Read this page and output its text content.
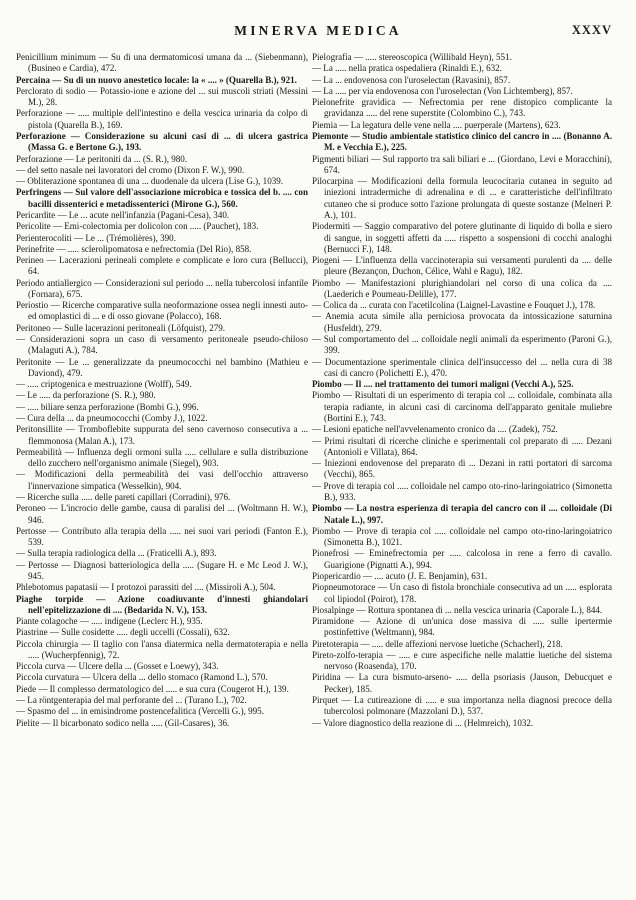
MINERVA MEDICA	XXXV
Penicillium minimum — Su di una dermatomicosi umana da ... (Siebenmann), (Busineo e Cardia), 472.
Percaina — Su di un nuovo anestetico locale: la « .... » (Quarella B.), 921.
Perclorato di sodio — Potassio-ione e azione del ... sui muscoli striati (Messini M.), 28.
Perforazione — ..... multiple dell'intestino e della vescica urinaria da colpo di pistola (Quarella B.), 169.
Perforazione — Considerazione su alcuni casi di ... di ulcera gastrica (Massa G. e Bertone G.), 193.
Perforazione — Le peritoniti da ... (S. R.), 980.
— del setto nasale nei lavoratori del cromo (Dixon F. W.), 990.
— Obliterazione spontanea di una ... duodenale da ulcera (Lise G.), 1039.
Perfringens — Sul valore dell'associazione microbica e tossica del b. .... con bacilli dissenterici e metadissenterici (Mirone G.), 560.
Pericardite — Le ... acute nell'infanzia (Pagani-Cesa), 340.
Pericolite — Emi-colectomia per dolicolon con ..... (Pauchet), 183.
Perienterocoliti — Le ... (Trémolières), 390.
Perinefrite — ..... sclerolipomatosa e nefrectomia (Del Rio), 858.
Perineo — Lacerazioni perineali complete e complicate e loro cura (Bellucci), 64.
Periodo antiallergico — Considerazioni sul periodo ... nella tubercolosi infantile (Fornara), 675.
Periostio — Ricerche comparative sulla neoformazione ossea negli innesti auto- ed omoplastici di ... e di osso giovane (Polacco), 168.
Peritoneo — Sulle lacerazioni peritoneali (Löfquist), 279.
— Considerazioni sopra un caso di versamento peritoneale pseudo-chiloso (Malaguti A.), 784.
Peritonite — Le ... generalizzate da pneumococchi nel bambino (Mathieu e Daviond), 479.
— ..... criptogenica e mestruazione (Wolff), 549.
— Le ..... da perforazione (S. R.), 980.
— ..... biliare senza perforazione (Bombi G.), 996.
— Cura della ... da pneumococchi (Comby J.), 1022.
Peritonsillite — Tromboflebite suppurata del seno cavernoso consecutiva a ... flemmonosa (Malan A.), 173.
Permeabilità — Influenza degli ormoni sulla ..... cellulare e sulla distribuzione dello zucchero nell'organismo animale (Siegel), 903.
— Modificazioni della permeabilità dei vasi dell'occhio attraverso l'innervazione simpatica (Wesselkin), 904.
— Ricerche sulla ..... delle pareti capillari (Corradini), 976.
Peroneo — L'incrocio delle gambe, causa di paralisi del ... (Woltmann H. W.), 946.
Pertosse — Contributo alla terapia della ..... nei suoi vari periodi (Fanton E.), 539.
— Sulla terapia radiologica della ... (Fraticelli A.), 893.
— Pertosse — Diagnosi batteriologica della ..... (Sugare H. e Mc Leod J. W.), 945.
Phlebotomus papatasii — I protozoi parassiti del .... (Missiroli A.), 504.
Piaghe torpide — Azione coadiuvante d'innesti ghiandolari nell'epitelizzazione di .... (Bedarida N. V.), 153.
Piante colagoche — ..... indigene (Leclerc H.), 935.
Piastrine — Sulle cosidette ..... degli uccelli (Cossali), 632.
Piccola chirurgia — Il taglio con l'ansa diatermica nella dermatoterapia e nella ..... (Wucherpfennig), 72.
Piccola curva — Ulcere della ... (Gosset e Loewy), 343.
Piccola curvatura — Ulcera della ... dello stomaco (Ramond L.), 570.
Piede — Il complesso dermatologico del ..... e sua cura (Cougerot H.), 139.
— La röntgenterapia del mal perforante del ... (Turano L.), 702.
— Spasmo del ... in emisindrome postencefalitica (Vercelli G.), 995.
Pielite — Il bicarbonato sodico nella ..... (Gil-Casares), 36.
Pielografia — ..... stereoscopica (Willibald Heyn), 551.
— La ..... nella pratica ospedaliera (Rinaldi E.), 632.
— La ... endovenosa con l'uroselectan (Ravasini), 857.
— La ..... per via endovenosa con l'uroselectan (Von Lichtemberg), 857.
Pielonefrite gravidica — Nefrectomia per rene distopico complicante la gravidanza ..... del rene superstite (Colombino C.), 743.
Piemia — La legatura delle vene nella .... puerperale (Martens), 623.
Piemonte — Studio ambientale statistico clinico del cancro in .... (Bonanno A. M. e Vecchia E.), 225.
Pigmenti biliari — Sul rapporto tra sali biliari e ... (Giordano, Levi e Moracchini), 674.
Pilocarpina — Modificazioni della formula leucocitaria cutanea in seguito ad iniezioni intradermiche di adrenalina e di ... e caratteristiche dell'infiltrato cutaneo che si produce sotto l'azione prolungata di queste sostanze (Melneri P. A.), 101.
Piodermiti — Saggio comparativo del potere glutinante di liquido di bolla e siero di sangue, in soggetti affetti da ..... rispetto a sospensioni di cocchi analoghi (Bernucci F.), 148.
Piogeni — L'influenza della vaccinoterapia sui versamenti purulenti da .... delle pleure (Bezançon, Duchon, Célice, Wahl e Ragu), 182.
Piombo — Manifestazioni plurighiandolari nel corso di una colica da .... (Laederich e Poumeau-Delille), 177.
— Colica da ... curata con l'acetilcolina (Laignel-Lavastine e Fouquet J.), 178.
— Anemia acuta simile alla perniciosa provocata da intossicazione saturnina (Husfeldt), 279.
— Sul comportamento del ... colloidale negli animali da esperimento (Paroni G.), 399.
— Documentazione sperimentale clinica dell'insuccesso del ... nella cura di 38 casi di cancro (Polichetti E.), 470.
Piombo — Il .... nel trattamento dei tumori maligni (Vecchi A.), 525.
Piombo — Risultati di un esperimento di terapia col ... colloidale, combinata alla terapia radiante, in alcuni casi di carcinoma dell'apparato genitale muliebre (Bortini E.), 743.
— Lesioni epatiche nell'avvelenamento cronico da .... (Zadek), 752.
— Primi risultati di ricerche cliniche e sperimentali col preparato di ..... Dezani (Antonioli e Villata), 864.
— Iniezioni endovenose del preparato di ... Dezani in ratti portatori di sarcoma (Vecchi), 865.
— Prove di terapia col ..... colloidale nel campo oto-rino-laringoiatrico (Simonetta B.), 933.
Piombo — La nostra esperienza di terapia del cancro con il .... colloidale (Di Natale L.), 997.
Piombo — Prove di terapia col ..... colloidale nel campo oto-rino-laringoiatrico (Simonetta B.), 1021.
Pionefrosi — Eminefrectomia per ..... calcolosa in rene a ferro di cavallo. Guarigione (Pignatti A.), 994.
Piopericardio — .... acuto (J. E. Benjamin), 631.
Piopneumotorace — Un caso di fistola bronchiale consecutiva ad un ..... esplorata col lipiodol (Poirot), 178.
Piosalpinge — Rottura spontanea di ... nella vescica urinaria (Caporale L.), 844.
Piramidone — Azione di un'unica dose massiva di ..... sulle ipertermie postinfettive (Weltmann), 984.
Piretoterapia — ..... delle affezioni nervose luetiche (Schacherl), 218.
Pireto-zolfo-terapia — ..... e cure aspecifiche nelle malattie luetiche del sistema nervoso (Roasenda), 170.
Piridina — La cura bismuto-arseno- ..... della psoriasis (Jauson, Debucquet e Pecker), 185.
Pirquet — La cutireazione di ..... e sua importanza nella diagnosi precoce della tubercolosi polmonare (Mazzolani D.), 537.
— Valore diagnostico della reazione di ... (Helmreich), 1032.
